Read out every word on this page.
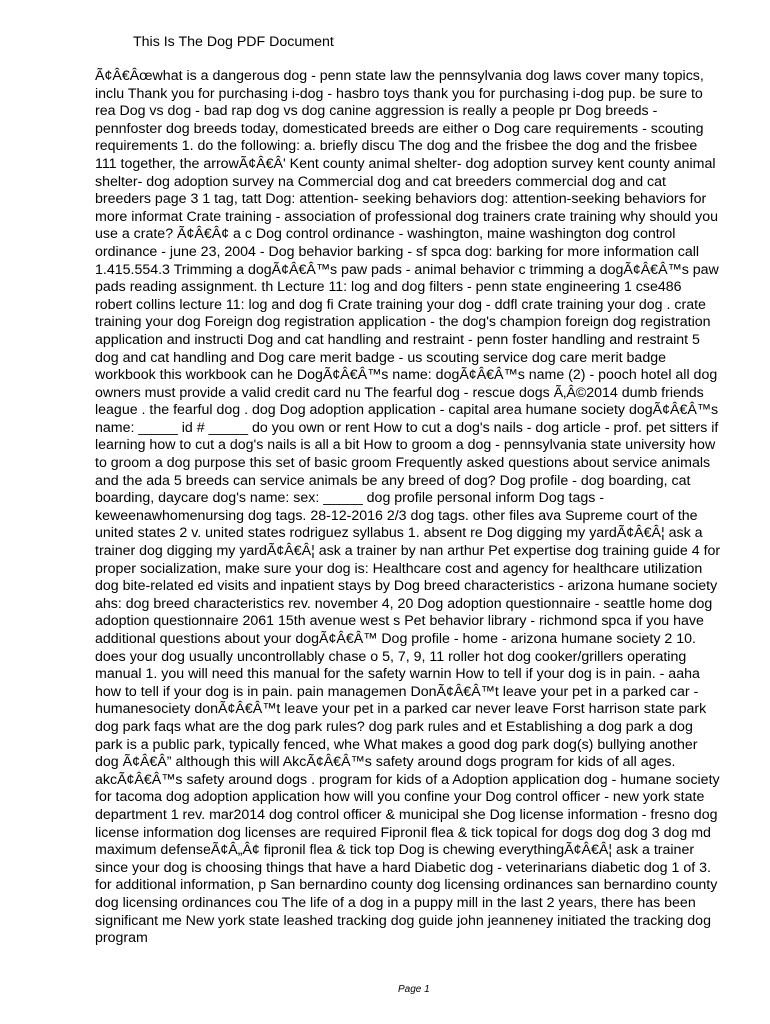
This Is The Dog PDF Document
Ã¢Â€Âœwhat is a dangerous dog - penn state law the pennsylvania dog laws cover many topics,
inclu Thank you for purchasing i-dog - hasbro toys thank you for purchasing i-dog pup. be sure to
rea Dog vs dog - bad rap dog vs dog canine aggression is really a people pr Dog breeds -
pennfoster dog breeds today, domesticated breeds are either o Dog care requirements - scouting
requirements 1. do the following: a. briefly discu The dog and the frisbee the dog and the frisbee
111 together, the arrowÃ¢Â€Â' Kent county animal shelter- dog adoption survey kent county animal
shelter- dog adoption survey na Commercial dog and cat breeders commercial dog and cat
breeders page 3 1 tag, tatt Dog: attention- seeking behaviors dog: attention-seeking behaviors for
more informat Crate training - association of professional dog trainers crate training why should you
use a crate? Ã¢Â€Â¢ a c Dog control ordinance - washington, maine washington dog control
ordinance - june 23, 2004 - Dog behavior barking - sf spca dog: barking for more information call
1.415.554.3 Trimming a dogÃ¢Â€Â™s paw pads - animal behavior c trimming a dogÃ¢Â€Â™s paw
pads reading assignment. th Lecture 11: log and dog filters - penn state engineering 1 cse486
robert collins lecture 11: log and dog fi Crate training your dog - ddfl crate training your dog . crate
training your dog Foreign dog registration application - the dog's champion foreign dog registration
application and instructi Dog and cat handling and restraint - penn foster handling and restraint 5
dog and cat handling and Dog care merit badge - us scouting service dog care merit badge
workbook this workbook can he DogÃ¢Â€Â™s name: dogÃ¢Â€Â™s name (2) - pooch hotel all dog
owners must provide a valid credit card nu The fearful dog - rescue dogs Ã‚Â©2014 dumb friends
league . the fearful dog . dog Dog adoption application - capital area humane society dogÃ¢Â€Â™s
name: _____ id # _____ do you own or rent How to cut a dog's nails - dog article - prof. pet sitters if
learning how to cut a dog's nails is all a bit How to groom a dog - pennsylvania state university how
to groom a dog purpose this set of basic groom Frequently asked questions about service animals
and the ada 5 breeds can service animals be any breed of dog? Dog profile - dog boarding, cat
boarding, daycare dog's name: sex: _____ dog profile personal inform Dog tags -
keweenawhomenursing dog tags. 28-12-2016 2/3 dog tags. other files ava Supreme court of the
united states 2 v. united states rodriguez syllabus 1. absent re Dog digging my yardÃ¢Â€Â¦ ask a
trainer dog digging my yardÃ¢Â€Â¦ ask a trainer by nan arthur Pet expertise dog training guide 4 for
proper socialization, make sure your dog is: Healthcare cost and agency for healthcare utilization
dog bite-related ed visits and inpatient stays by Dog breed characteristics - arizona humane society
ahs: dog breed characteristics rev. november 4, 20 Dog adoption questionnaire - seattle home dog
adoption questionnaire 2061 15th avenue west s Pet behavior library - richmond spca if you have
additional questions about your dogÃ¢Â€Â™ Dog profile - home - arizona humane society 2 10.
does your dog usually uncontrollably chase o 5, 7, 9, 11 roller hot dog cooker/grillers operating
manual 1. you will need this manual for the safety warnin How to tell if your dog is in pain. - aaha
how to tell if your dog is in pain. pain managemen DonÃ¢Â€Â™t leave your pet in a parked car -
humanesociety donÃ¢Â€Â™t leave your pet in a parked car never leave Forst harrison state park
dog park faqs what are the dog park rules? dog park rules and et Establishing a dog park a dog
park is a public park, typically fenced, whe What makes a good dog park dog(s) bullying another
dog Ã¢Â€Â” although this will AkcÃ¢Â€Â™s safety around dogs program for kids of all ages.
akcÃ¢Â€Â™s safety around dogs . program for kids of a Adoption application dog - humane society
for tacoma dog adoption application how will you confine your Dog control officer - new york state
department 1 rev. mar2014 dog control officer & municipal she Dog license information - fresno dog
license information dog licenses are required Fipronil flea & tick topical for dogs dog dog 3 dog md
maximum defenseÃ¢Â„Â¢ fipronil flea & tick top Dog is chewing everythingÃ¢Â€Â¦ ask a trainer
since your dog is choosing things that have a hard Diabetic dog - veterinarians diabetic dog 1 of 3.
for additional information, p San bernardino county dog licensing ordinances san bernardino county
dog licensing ordinances cou The life of a dog in a puppy mill in the last 2 years, there has been
significant me New york state leashed tracking dog guide john jeanneney initiated the tracking dog
program
Page 1
